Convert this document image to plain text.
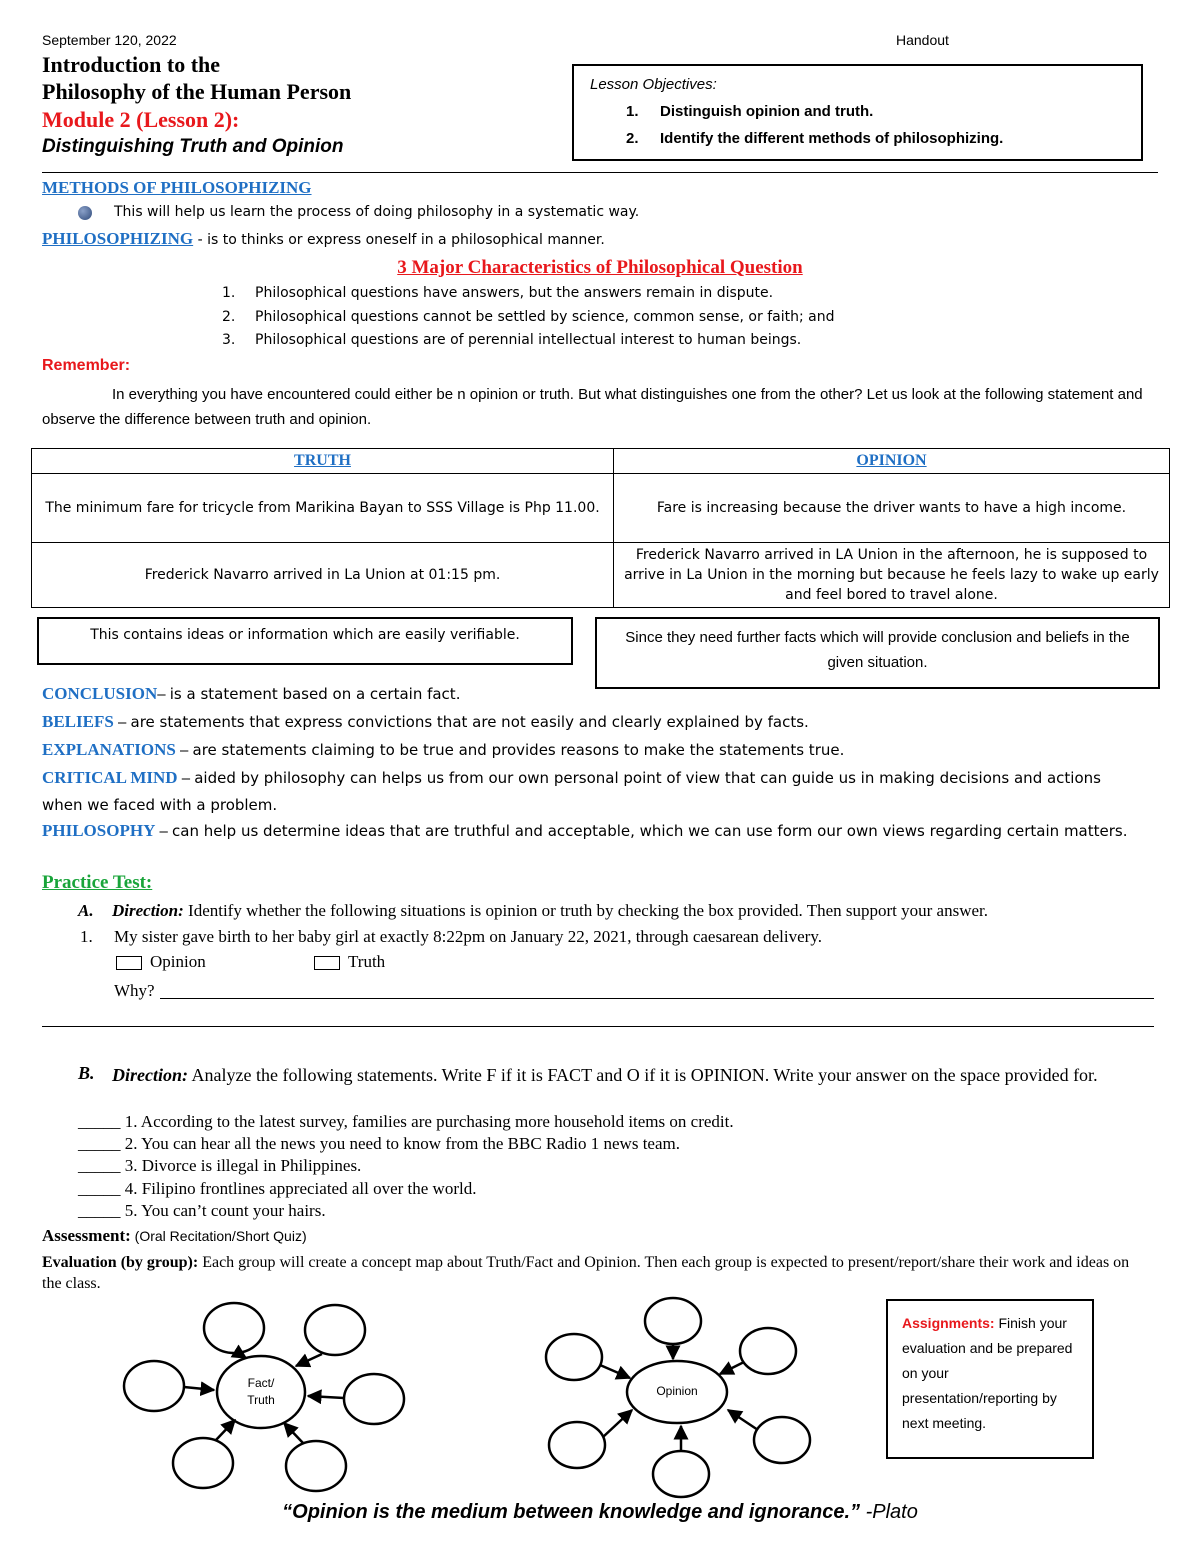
September 120, 2022	Handout
Introduction to the
Philosophy of the Human Person
Module 2 (Lesson 2):
Distinguishing Truth and Opinion
Lesson Objectives:
1. Distinguish opinion and truth.
2. Identify the different methods of philosophizing.
METHODS OF PHILOSOPHIZING
This will help us learn the process of doing philosophy in a systematic way.
PHILOSOPHIZING - is to thinks or express oneself in a philosophical manner.
3 Major Characteristics of Philosophical Question
1. Philosophical questions have answers, but the answers remain in dispute.
2. Philosophical questions cannot be settled by science, common sense, or faith; and
3. Philosophical questions are of perennial intellectual interest to human beings.
Remember:
In everything you have encountered could either be n opinion or truth. But what distinguishes one from the other? Let us look at the following statement and observe the difference between truth and opinion.
TRUTH	OPINION
The minimum fare for tricycle from Marikina Bayan to SSS Village is Php 11.00.	Fare is increasing because the driver wants to have a high income.
Frederick Navarro arrived in La Union at 01:15 pm.	Frederick Navarro arrived in LA Union in the afternoon, he is supposed to arrive in La Union in the morning but because he feels lazy to wake up early and feel bored to travel alone.
This contains ideas or information which are easily verifiable.	Since they need further facts which will provide conclusion and beliefs in the given situation.
CONCLUSION– is a statement based on a certain fact.
BELIEFS – are statements that express convictions that are not easily and clearly explained by facts.
EXPLANATIONS – are statements claiming to be true and provides reasons to make the statements true.
CRITICAL MIND – aided by philosophy can helps us from our own personal point of view that can guide us in making decisions and actions when we faced with a problem.
PHILOSOPHY – can help us determine ideas that are truthful and acceptable, which we can use form our own views regarding certain matters.
Practice Test:
A. Direction: Identify whether the following situations is opinion or truth by checking the box provided. Then support your answer.
1. My sister gave birth to her baby girl at exactly 8:22pm on January 22, 2021, through caesarean delivery.
Opinion	Truth
Why?
B. Direction: Analyze the following statements. Write F if it is FACT and O if it is OPINION. Write your answer on the space provided for.
_____ 1. According to the latest survey, families are purchasing more household items on credit.
_____ 2. You can hear all the news you need to know from the BBC Radio 1 news team.
_____ 3. Divorce is illegal in Philippines.
_____ 4. Filipino frontlines appreciated all over the world.
_____ 5. You can’t count your hairs.
Assessment: (Oral Recitation/Short Quiz)
Evaluation (by group): Each group will create a concept map about Truth/Fact and Opinion. Then each group is expected to present/report/share their work and ideas on the class.
Fact/ Truth
Opinion
Assignments: Finish your evaluation and be prepared on your presentation/reporting by next meeting.
“Opinion is the medium between knowledge and ignorance.” -Plato
